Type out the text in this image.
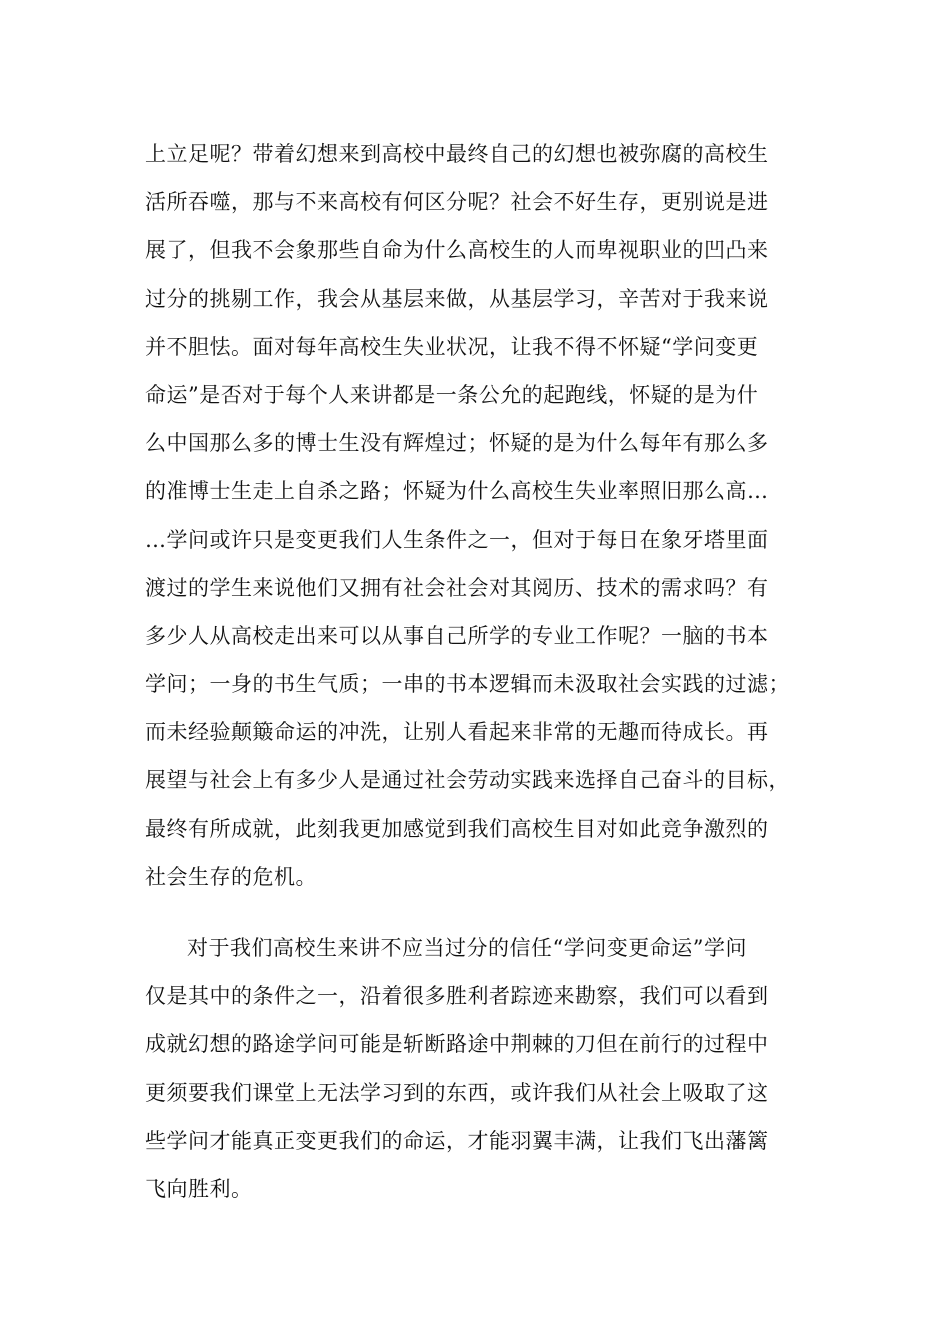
上立足呢？带着幻想来到高校中最终自己的幻想也被弥腐的高校生
活所吞噬，那与不来高校有何区分呢？社会不好生存，更别说是进
展了，但我不会象那些自命为什么高校生的人而卑视职业的凹凸来
过分的挑剔工作，我会从基层来做，从基层学习，辛苦对于我来说
并不胆怯。面对每年高校生失业状况，让我不得不怀疑“学问变更
命运”是否对于每个人来讲都是一条公允的起跑线，怀疑的是为什
么中国那么多的博士生没有辉煌过；怀疑的是为什么每年有那么多
的准博士生走上自杀之路；怀疑为什么高校生失业率照旧那么高…
…学问或许只是变更我们人生条件之一，但对于每日在象牙塔里面
渡过的学生来说他们又拥有社会社会对其阅历、技术的需求吗？有
多少人从高校走出来可以从事自己所学的专业工作呢？一脑的书本
学问；一身的书生气质；一串的书本逻辑而未汲取社会实践的过滤；
而未经验颠簸命运的冲洗，让别人看起来非常的无趣而待成长。再
展望与社会上有多少人是通过社会劳动实践来选择自己奋斗的目标，
最终有所成就，此刻我更加感觉到我们高校生目对如此竞争激烈的
社会生存的危机。
对于我们高校生来讲不应当过分的信任“学问变更命运”学问
仅是其中的条件之一，沿着很多胜利者踪迹来勘察，我们可以看到
成就幻想的路途学问可能是斩断路途中荆棘的刀但在前行的过程中
更须要我们课堂上无法学习到的东西，或许我们从社会上吸取了这
些学问才能真正变更我们的命运，才能羽翼丰满，让我们飞出藩篱
飞向胜利。
